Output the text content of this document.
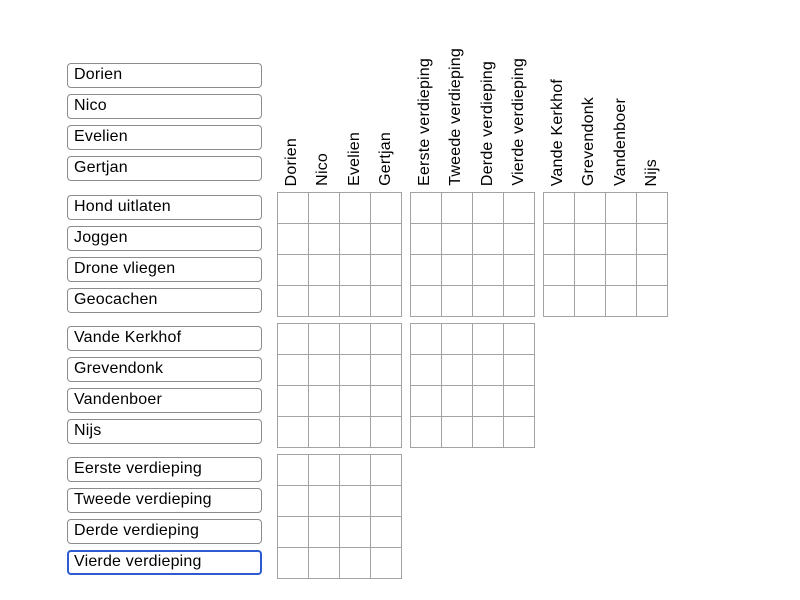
Dorien
Nico
Evelien
Gertjan
Dorien Nico Evelien Gertjan Eerste verdieping Tweede verdieping Derde verdieping Vierde verdieping Vande Kerkhof Grevendonk Vandenboer Nijs
Hond uitlaten
Joggen
Drone vliegen
Geocachen
Vande Kerkhof
Grevendonk
Vandenboer
Nijs
Eerste verdieping
Tweede verdieping
Derde verdieping
Vierde verdieping
